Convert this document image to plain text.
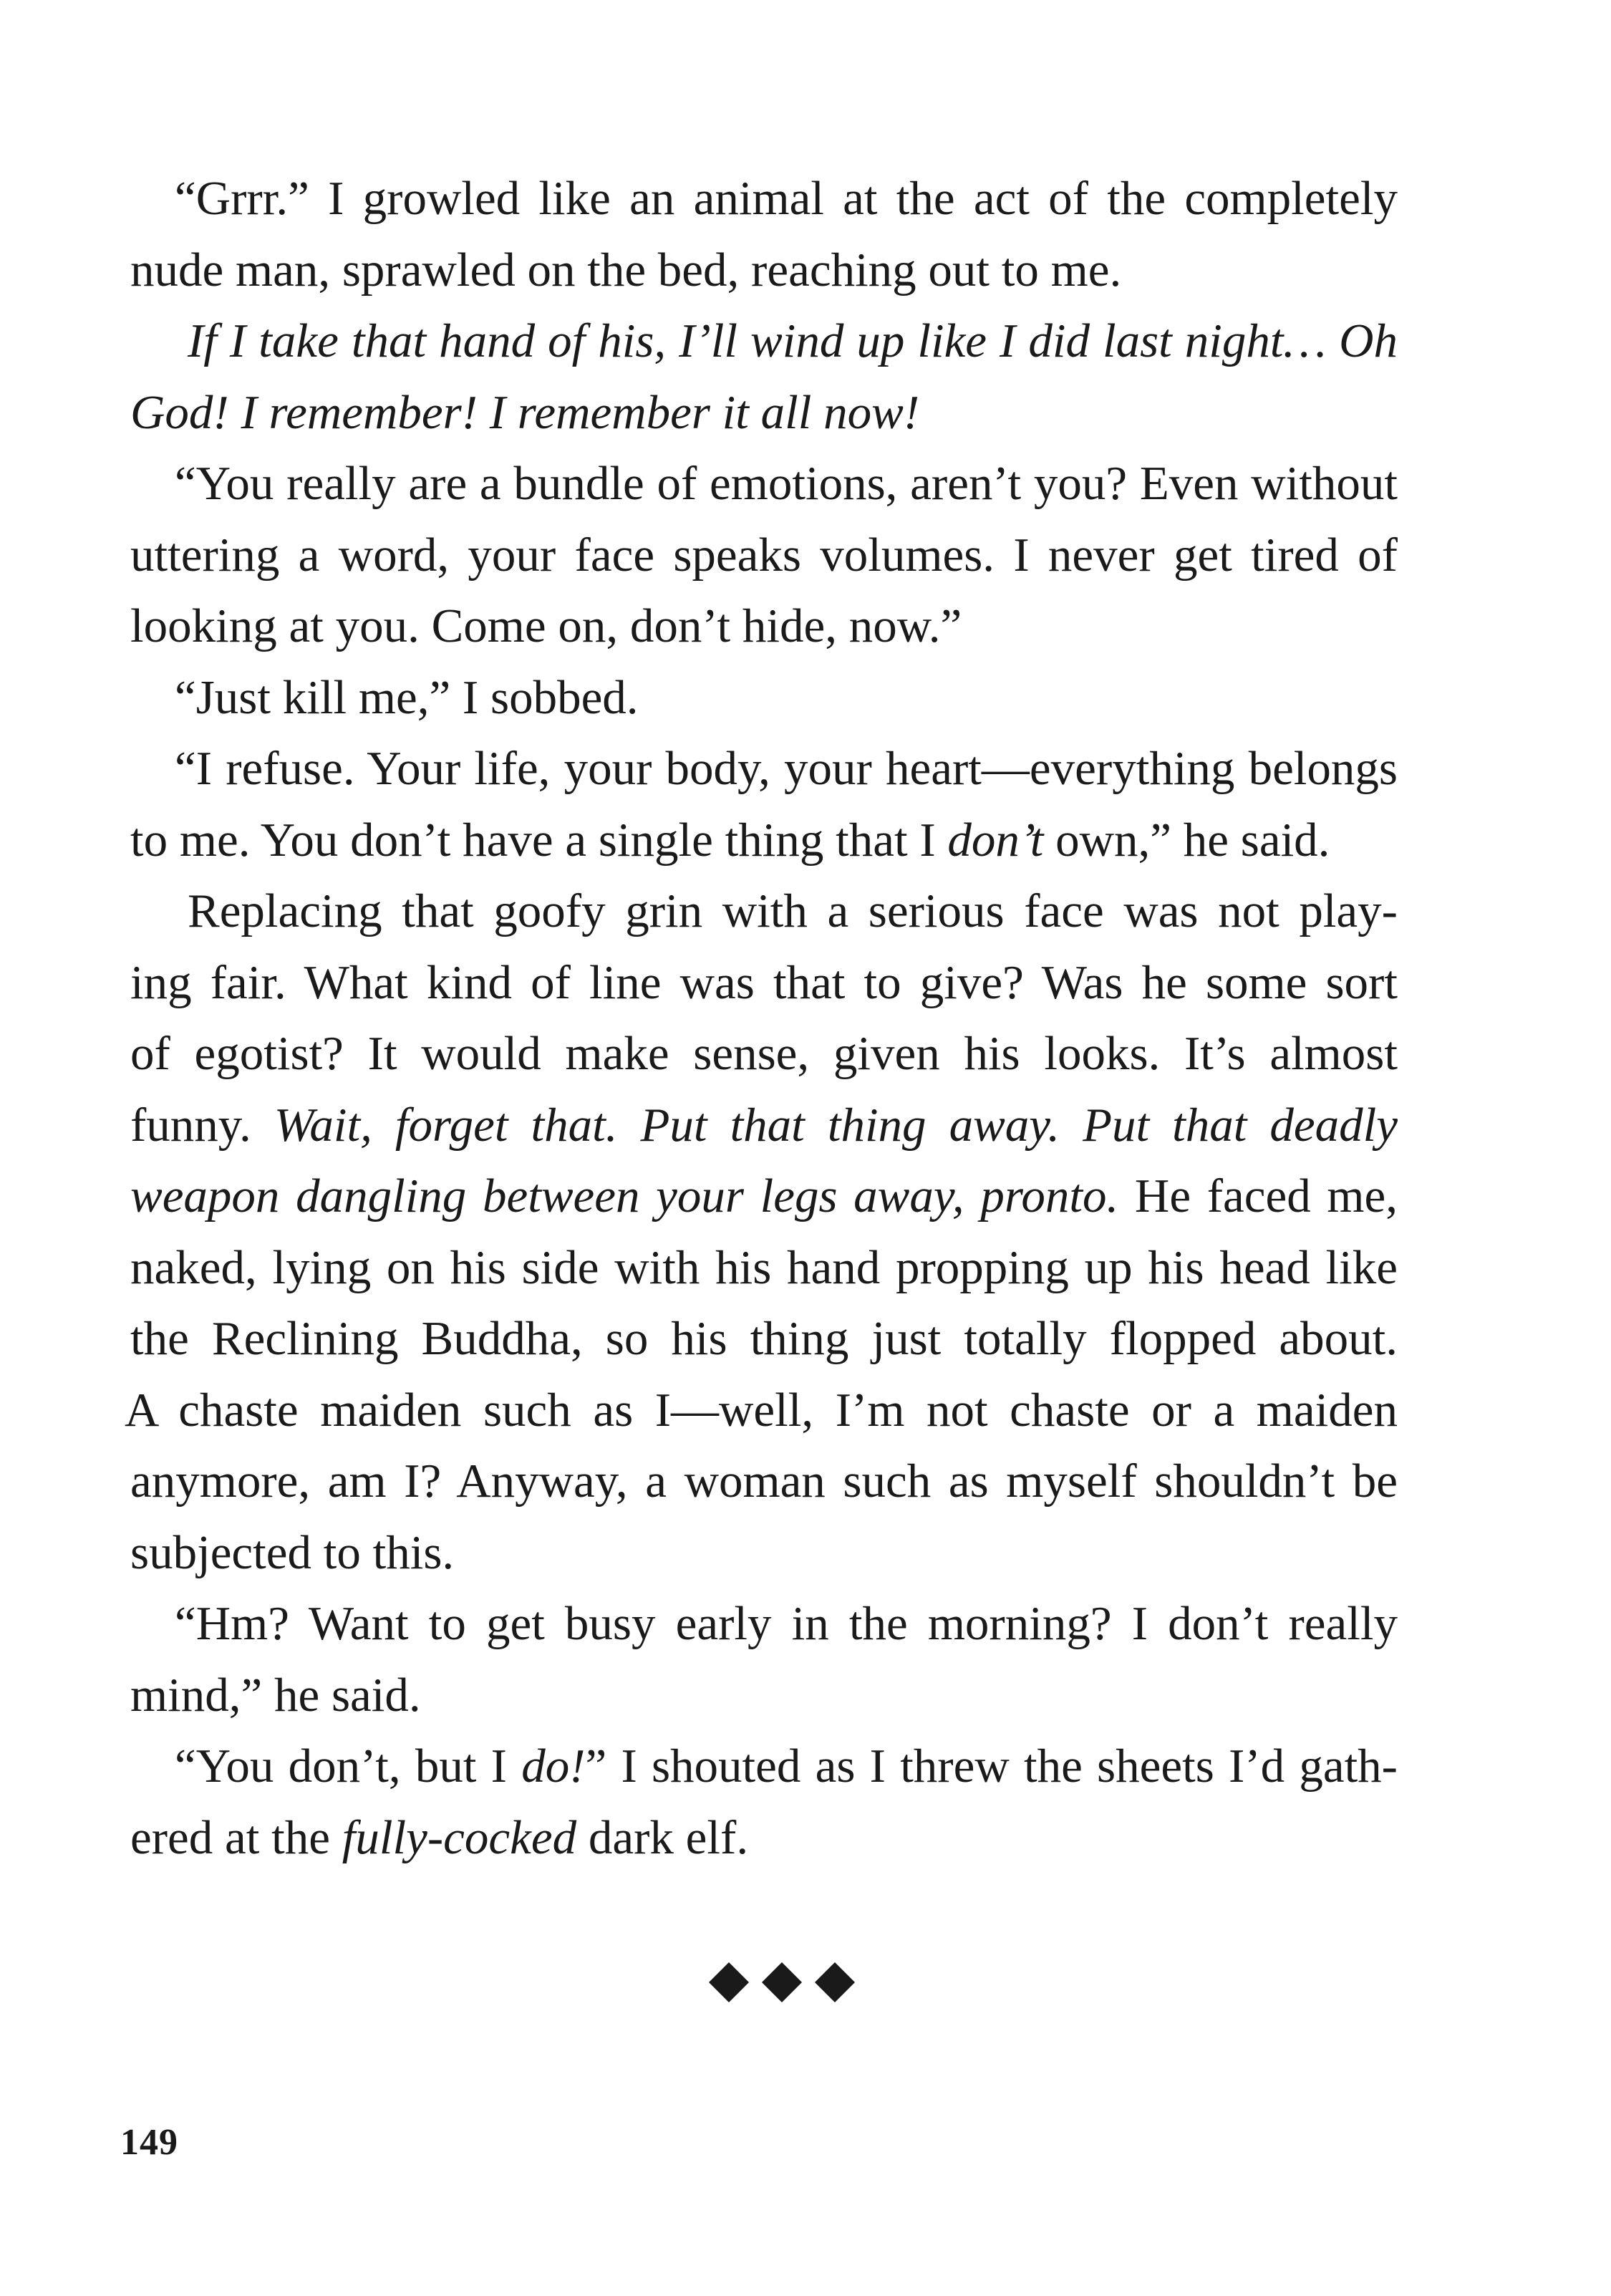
“Grrr.” I growled like an animal at the act of the completely
nude man, sprawled on the bed, reaching out to me.
If I take that hand of his, I’ll wind up like I did last night… Oh
God! I remember! I remember it all now!
“You really are a bundle of emotions, aren’t you? Even without
uttering a word, your face speaks volumes. I never get tired of
looking at you. Come on, don’t hide, now.”
“Just kill me,” I sobbed.
“I refuse. Your life, your body, your heart—everything belongs
to me. You don’t have a single thing that I don’t own,” he said.
Replacing that goofy grin with a serious face was not play-
ing fair. What kind of line was that to give? Was he some sort
of egotist? It would make sense, given his looks. It’s almost
funny. Wait, forget that. Put that thing away. Put that deadly
weapon dangling between your legs away, pronto. He faced me,
naked, lying on his side with his hand propping up his head like
the Reclining Buddha, so his thing just totally flopped about.
A chaste maiden such as I—well, I’m not chaste or a maiden
anymore, am I? Anyway, a woman such as myself shouldn’t be
subjected to this.
“Hm? Want to get busy early in the morning? I don’t really
mind,” he said.
“You don’t, but I do!” I shouted as I threw the sheets I’d gath-
ered at the fully-cocked dark elf.
149
